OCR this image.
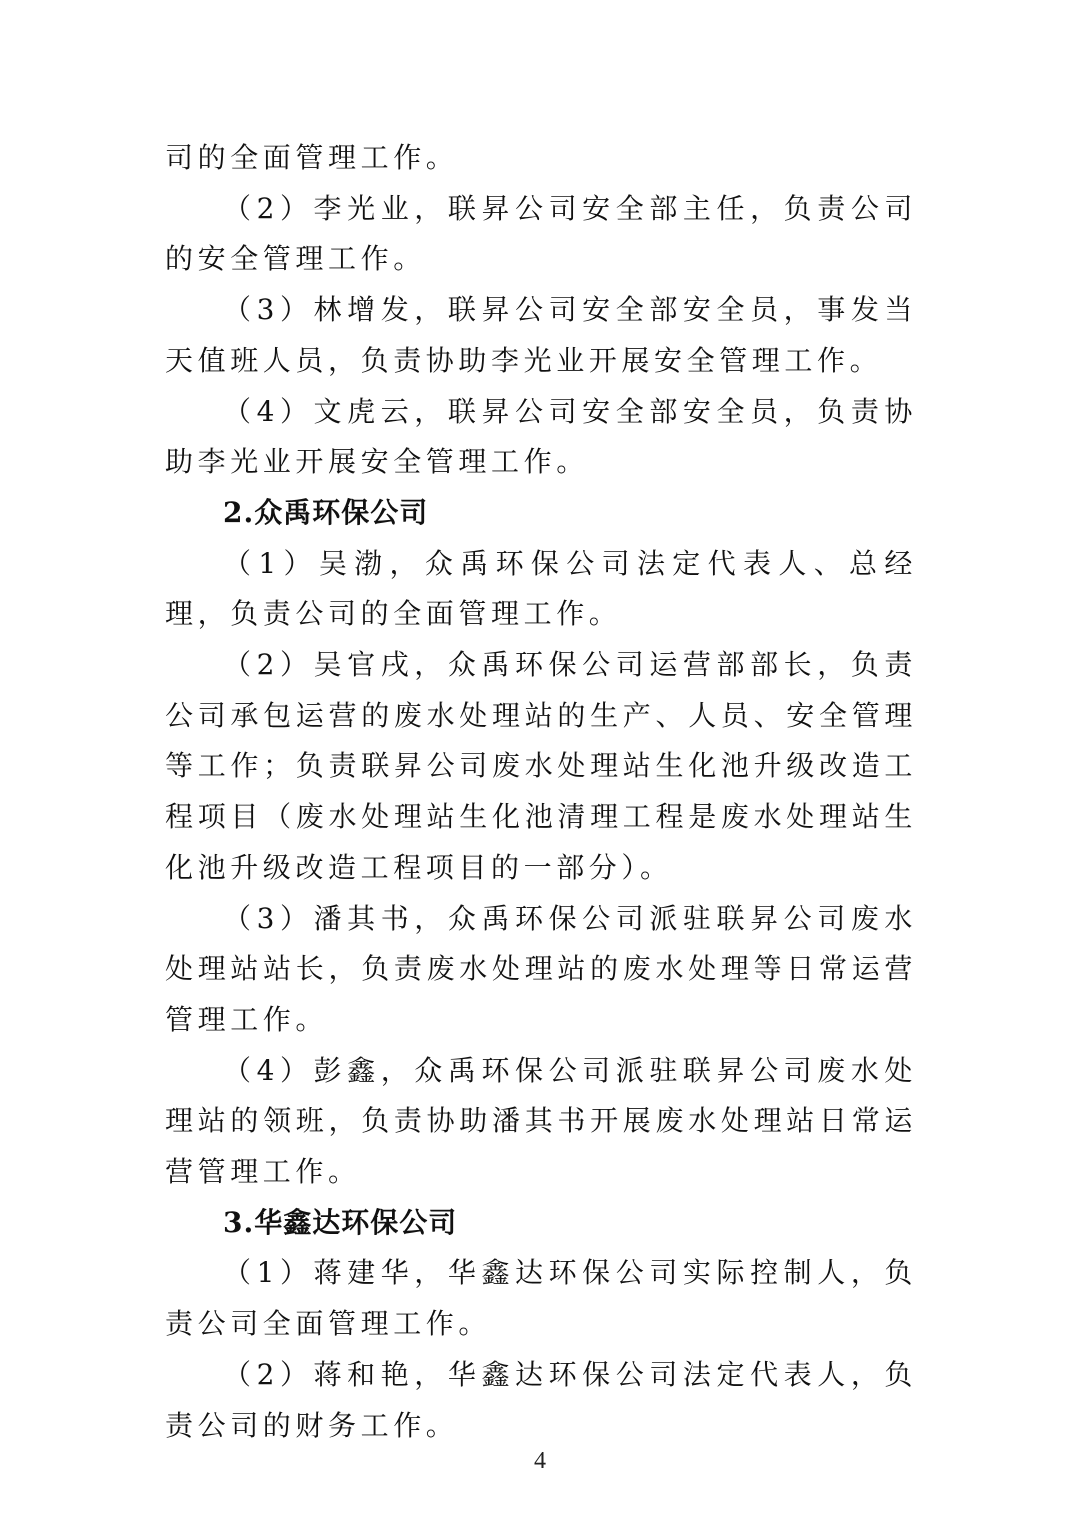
司的全面管理工作。

（2）李光业，联昇公司安全部主任，负责公司的安全管理工作。

（3）林增发，联昇公司安全部安全员，事发当天值班人员，负责协助李光业开展安全管理工作。

（4）文虎云，联昇公司安全部安全员，负责协助李光业开展安全管理工作。

2.众禹环保公司

（1）吴渤，众禹环保公司法定代表人、总经理，负责公司的全面管理工作。

（2）吴官戌，众禹环保公司运营部部长，负责公司承包运营的废水处理站的生产、人员、安全管理等工作；负责联昇公司废水处理站生化池升级改造工程项目（废水处理站生化池清理工程是废水处理站生化池升级改造工程项目的一部分）。

（3）潘其书，众禹环保公司派驻联昇公司废水处理站站长，负责废水处理站的废水处理等日常运营管理工作。

（4）彭鑫，众禹环保公司派驻联昇公司废水处理站的领班，负责协助潘其书开展废水处理站日常运营管理工作。

3.华鑫达环保公司

（1）蒋建华，华鑫达环保公司实际控制人，负责公司全面管理工作。

（2）蒋和艳，华鑫达环保公司法定代表人，负责公司的财务工作。

4
